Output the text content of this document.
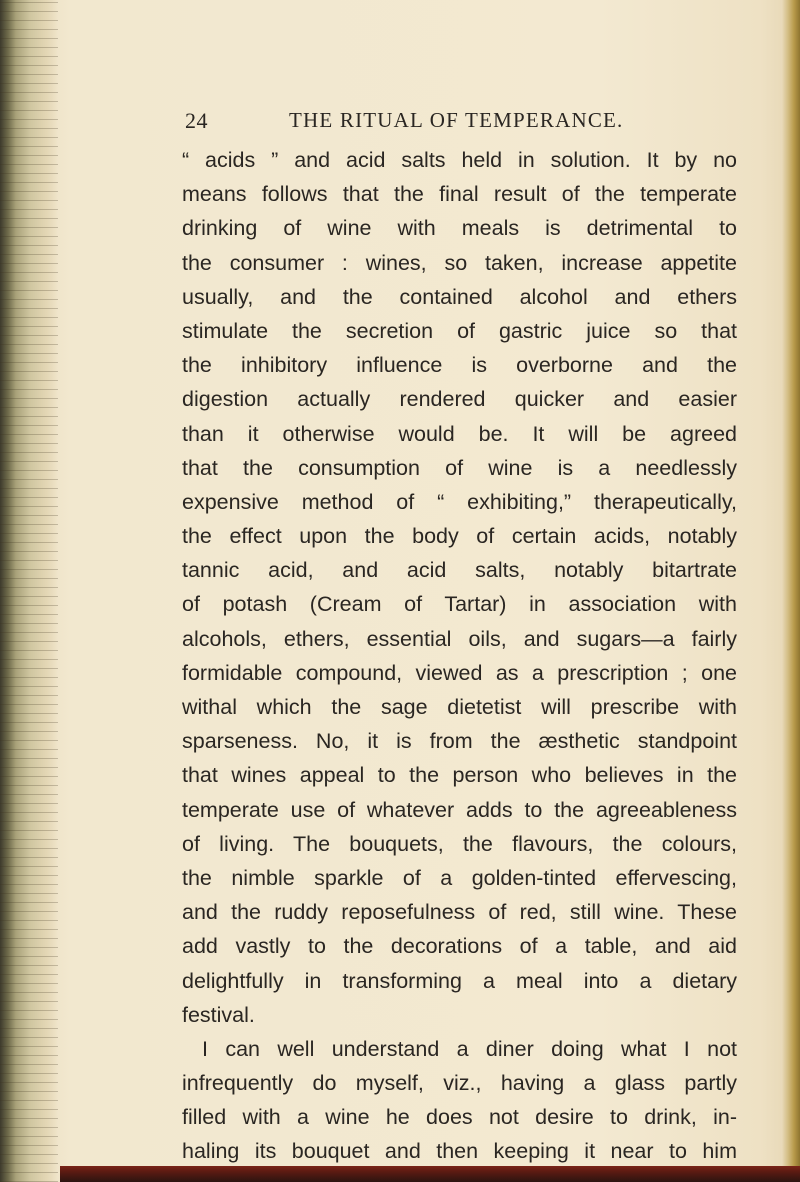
24	THE RITUAL OF TEMPERANCE.
“ acids ” and acid salts held in solution. It by no
means follows that the final result of the temperate
drinking of wine with meals is detrimental to
the consumer : wines, so taken, increase appetite
usually, and the contained alcohol and ethers
stimulate the secretion of gastric juice so that
the inhibitory influence is overborne and the
digestion actually rendered quicker and easier
than it otherwise would be. It will be agreed
that the consumption of wine is a needlessly
expensive method of “ exhibiting,” therapeutically,
the effect upon the body of certain acids, notably
tannic acid, and acid salts, notably bitartrate
of potash (Cream of Tartar) in association with
alcohols, ethers, essential oils, and sugars—a fairly
formidable compound, viewed as a prescription ; one
withal which the sage dietetist will prescribe with
sparseness. No, it is from the æsthetic standpoint
that wines appeal to the person who believes in the
temperate use of whatever adds to the agreeableness
of living. The bouquets, the flavours, the colours,
the nimble sparkle of a golden-tinted effervescing,
and the ruddy reposefulness of red, still wine. These
add vastly to the decorations of a table, and aid
delightfully in transforming a meal into a dietary
festival.
I can well understand a diner doing what I not
infrequently do myself, viz., having a glass partly
filled with a wine he does not desire to drink, in-
haling its bouquet and then keeping it near to him
